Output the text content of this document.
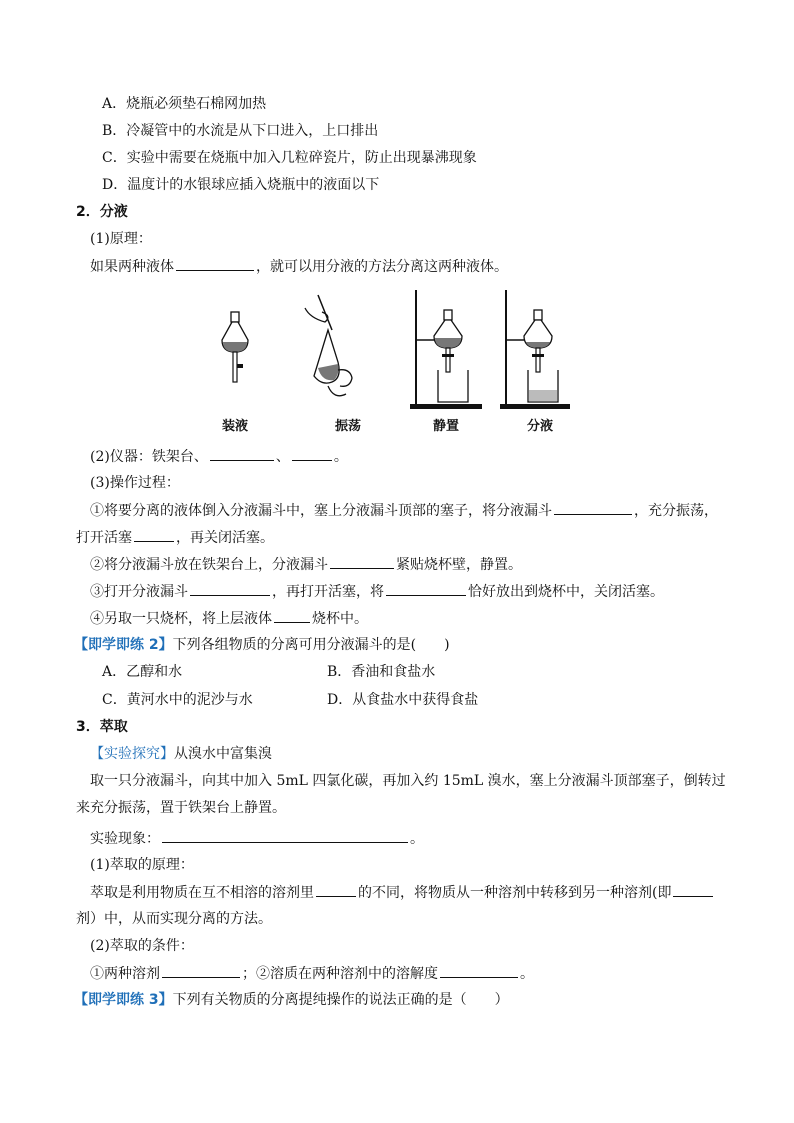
A．烧瓶必须垫石棉网加热
B．冷凝管中的水流是从下口进入，上口排出
C．实验中需要在烧瓶中加入几粒碎瓷片，防止出现暴沸现象
D．温度计的水银球应插入烧瓶中的液面以下
2．分液
(1)原理：
如果两种液体	，就可以用分液的方法分离这两种液体。
装液	振荡	静置	分液
(2)仪器：铁架台、	、	。
(3)操作过程：
①将要分离的液体倒入分液漏斗中，塞上分液漏斗顶部的塞子，将分液漏斗	，充分振荡，
打开活塞	，再关闭活塞。
②将分液漏斗放在铁架台上，分液漏斗	紧贴烧杯壁，静置。
③打开分液漏斗	，再打开活塞，将	恰好放出到烧杯中，关闭活塞。
④另取一只烧杯，将上层液体	烧杯中。
【即学即练 2】下列各组物质的分离可用分液漏斗的是(　　)
A．乙醇和水	B．香油和食盐水
C．黄河水中的泥沙与水	D．从食盐水中获得食盐
3．萃取
【实验探究】从溴水中富集溴
取一只分液漏斗，向其中加入 5mL 四氯化碳，再加入约 15mL 溴水，塞上分液漏斗顶部塞子，倒转过
来充分振荡，置于铁架台上静置。
实验现象：	。
(1)萃取的原理：
萃取是利用物质在互不相溶的溶剂里	的不同，将物质从一种溶剂中转移到另一种溶剂(即
剂）中，从而实现分离的方法。
(2)萃取的条件：
①两种溶剂	；②溶质在两种溶剂中的溶解度	。
【即学即练 3】下列有关物质的分离提纯操作的说法正确的是（　　）
